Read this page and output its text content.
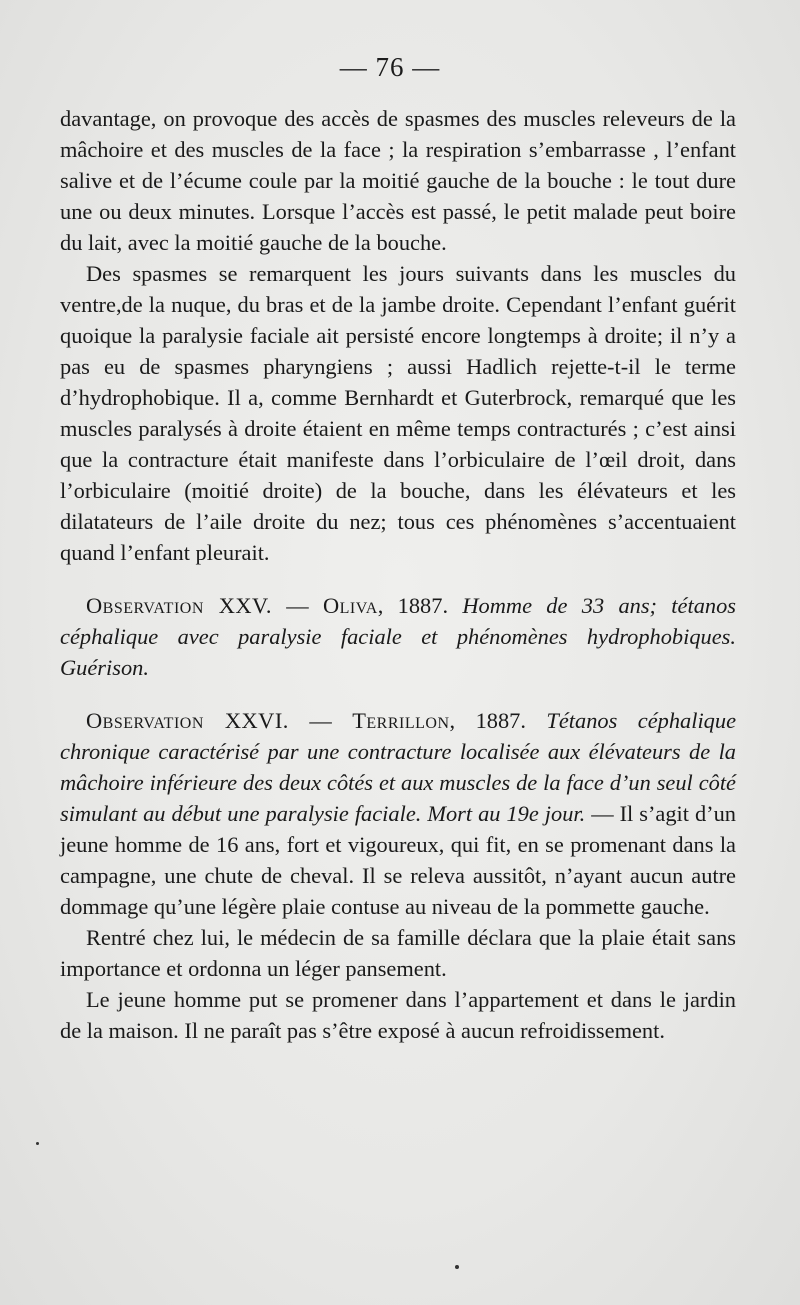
— 76 —

davantage, on provoque des accès de spasmes des muscles releveurs de la mâchoire et des muscles de la face ; la respiration s’embarrasse , l’enfant salive et de l’écume coule par la moitié gauche de la bouche : le tout dure une ou deux minutes. Lorsque l’accès est passé, le petit malade peut boire du lait, avec la moitié gauche de la bouche.

Des spasmes se remarquent les jours suivants dans les muscles du ventre,de la nuque, du bras et de la jambe droite. Cependant l’enfant guérit quoique la paralysie faciale ait persisté encore longtemps à droite; il n’y a pas eu de spasmes pharyngiens ; aussi Hadlich rejette-t-il le terme d’hydrophobique. Il a, comme Bernhardt et Guterbrock, remarqué que les muscles paralysés à droite étaient en même temps contracturés ; c’est ainsi que la contracture était manifeste dans l’orbiculaire de l’œil droit, dans l’orbiculaire (moitié droite) de la bouche, dans les élévateurs et les dilatateurs de l’aile droite du nez; tous ces phénomènes s’accentuaient quand l’enfant pleurait.

Observation XXV. — Oliva, 1887. Homme de 33 ans; tétanos céphalique avec paralysie faciale et phénomènes hydrophobiques. Guérison.

Observation XXVI. — Terrillon, 1887. Tétanos céphalique chronique caractérisé par une contracture localisée aux élévateurs de la mâchoire inférieure des deux côtés et aux muscles de la face d’un seul côté simulant au début une paralysie faciale. Mort au 19e jour. — Il s’agit d’un jeune homme de 16 ans, fort et vigoureux, qui fit, en se promenant dans la campagne, une chute de cheval. Il se releva aussitôt, n’ayant aucun autre dommage qu’une légère plaie contuse au niveau de la pommette gauche.

Rentré chez lui, le médecin de sa famille déclara que la plaie était sans importance et ordonna un léger pansement.

Le jeune homme put se promener dans l’appartement et dans le jardin de la maison. Il ne paraît pas s’être exposé à aucun refroidissement.
